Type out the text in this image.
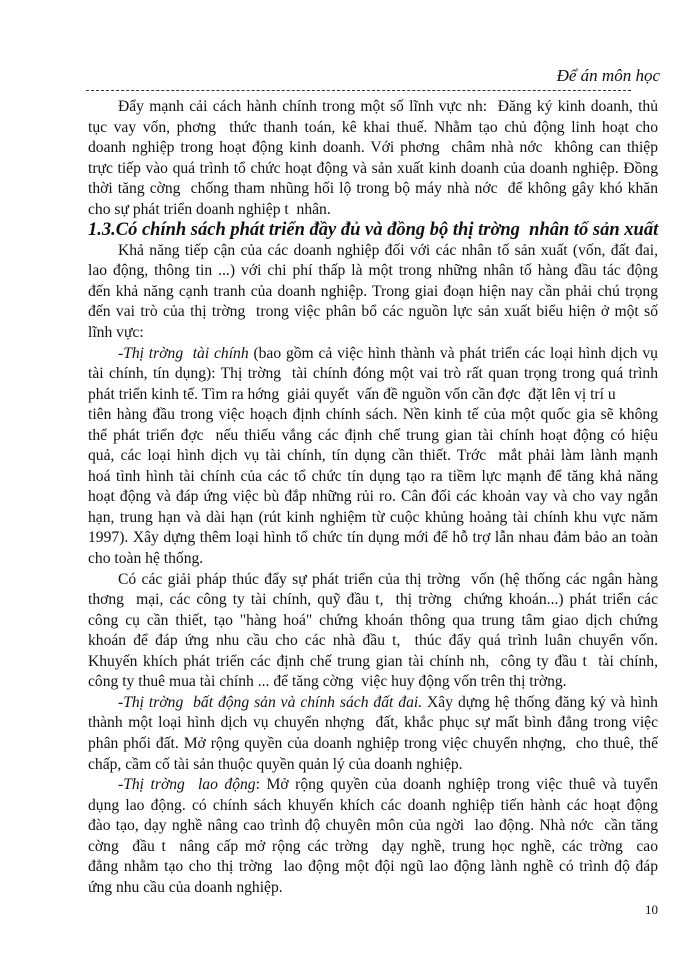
Để án môn học
Đẩy mạnh cải cách hành chính trong một số lĩnh vực nh:  Đăng ký kinh doanh, thủ
tục vay vốn, phơng  thức thanh toán, kê khai thuế. Nhằm tạo chủ động linh hoạt cho
doanh nghiệp trong hoạt động kinh doanh. Với phơng  châm nhà nớc  không can thiệp
trực tiếp vào quá trình tổ chức hoạt động và sản xuất kinh doanh của doanh nghiệp. Đồng
thời tăng cờng  chống tham nhũng hối lộ trong bộ máy nhà nớc  để không gây khó khăn
cho sự phát triển doanh nghiệp t  nhân.
1.3.Có chính sách phát triển đầy đủ và đồng bộ thị trờng  nhân tố sản xuất
Khả năng tiếp cận của các doanh nghiệp đối với các nhân tố sản xuất (vốn, đất đai,
lao động, thông tin ...) với chi phí thấp là một trong những nhân tố hàng đầu tác động
đến khả năng cạnh tranh của doanh nghiệp. Trong giai đoạn hiện nay cần phải chú trọng
đến vai trò của thị trờng  trong việc phân bổ các nguồn lực sản xuất biểu hiện ở một số
lĩnh vực:
-Thị trờng  tài chính (bao gồm cả việc hình thành và phát triển các loại hình dịch vụ
tài chính, tín dụng): Thị trờng  tài chính đóng một vai trò rất quan trọng trong quá trình
phát triển kinh tế. Tìm ra hớng  giải quyết  vấn đề nguồn vốn cần đợc  đặt lên vị trí u
tiên hàng đầu trong việc hoạch định chính sách. Nền kinh tế của một quốc gia sẽ không
thể phát triển đợc  nếu thiếu vắng các định chế trung gian tài chính hoạt động có hiệu
quả, các loại hình dịch vụ tài chính, tín dụng cần thiết. Trớc  mắt phải làm lành mạnh
hoá tình hình tài chính của các tổ chức tín dụng tạo ra tiềm lực mạnh để tăng khả năng
hoạt động và đáp ứng việc bù đắp những rủi ro. Cân đối các khoản vay và cho vay ngắn
hạn, trung hạn và dài hạn (rút kinh nghiệm từ cuộc khủng hoảng tài chính khu vực năm
1997). Xây dựng thêm loại hình tổ chức tín dụng mới để hỗ trợ lẫn nhau đảm bảo an toàn
cho toàn hệ thống.
Có các giải pháp thúc đẩy sự phát triển của thị trờng  vốn (hệ thống các ngân hàng
thơng  mại, các công ty tài chính, quỹ đầu t,  thị trờng  chứng khoán...) phát triển các
công cụ cần thiết, tạo "hàng hoá" chứng khoán thông qua trung tâm giao dịch chứng
khoán để đáp ứng nhu cầu cho các nhà đầu t,  thúc đẩy quá trình luân chuyển vốn.
Khuyến khích phát triển các định chế trung gian tài chính nh,  công ty đầu t  tài chính,
công ty thuê mua tài chính ... để tăng cờng  việc huy động vốn trên thị trờng.
-Thị trờng  bất động sản và chính sách đất đai. Xây dựng hệ thống đăng ký và hình
thành một loại hình dịch vụ chuyển nhợng  đất, khắc phục sự mất bình đẳng trong việc
phân phối đất. Mở rộng quyền của doanh nghiệp trong việc chuyển nhợng,  cho thuê, thế
chấp, cầm cố tài sản thuộc quyền quản lý của doanh nghiệp.
-Thị trờng  lao động: Mở rộng quyền của doanh nghiệp trong việc thuê và tuyển
dụng lao động. có chính sách khuyến khích các doanh nghiệp tiến hành các hoạt động
đào tạo, dạy nghề nâng cao trình độ chuyên môn của ngời  lao động. Nhà nớc  cần tăng
cờng  đầu t  nâng cấp mở rộng các trờng  dạy nghề, trung học nghề, các trờng  cao
đẳng nhằm tạo cho thị trờng  lao động một đội ngũ lao động lành nghề có trình độ đáp
ứng nhu cầu của doanh nghiệp.
10
